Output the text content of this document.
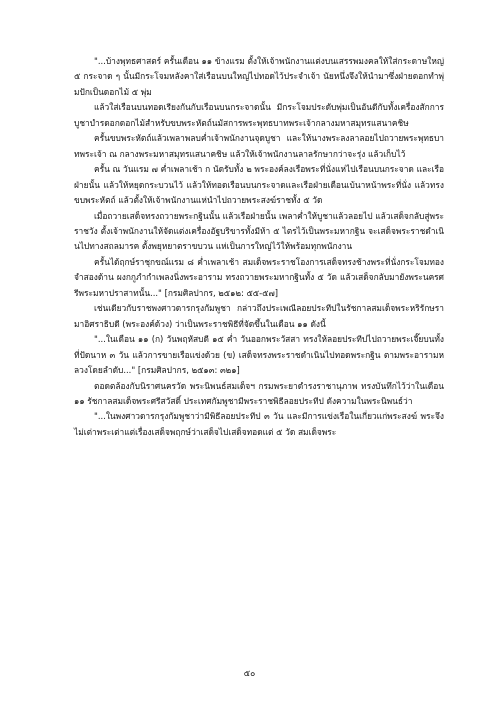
"...บ้างพุทธศาสตร์ ครั้นเดือน ๑๑ ข้างแรม ตั้งให้เจ้าพนักงานแต่งบนเสรรพมงคลให้ใส่กระดาษใหญ่ ๕ กระจาด ๆ นั้นมีกระโจมหลังคาใส่เรือนบนใหญ่ไปทอดไว้ประจำเจ้า นัยหนึ่งจึงให้นำมาซึ่งฝ่ายดอกทำพุ่มปักเป็นดอกไม้ ๕ พุ่ม

แล้วใส่เรือนบนทอดเรียงกันกับเรือนบนกระจาดนั้น มีกระโจมประดับพุ่มเป็นอันดีกับทั้งเครื่องสักการบูชาบำรดอกดอกไม้สำหรับขบพระหัตถ์นมัสการพระพุทธบาทพระเจ้ากลางมหาสมุทรแสนาคชิษ

ครั้นขบพระหัตถ์แล้วเพลาพลบค่ำเจ้าพนักงานจุดบูชา และให้นางพระลงลาลอยไปถวายพระพุทธบาทพระเจ้า ณ กลางพระมหาสมุทรแสนาคชิษ แล้วให้เจ้าพนักงานลาลรักษากว่าจะรุ่ง แล้วเก็บไว้

ครั้น ณ วันแรม ๗ ค่ำเพลาเช้า ก นัดรับทั้ง ๒ พระองค์ลงเรือพระที่นั่งแห่ไปเรือนบนกระจาด และเรือฝ่ายนั้น แล้วให้หยุดกระบวนไว้ แล้วให้ทอดเรือนบนกระจาดและเรือฝ่ายเดือนเบ้นาหน้าพระที่นั่ง แล้วทรงขบพระหัตถ์ แล้วตั้งให้เจ้าพนักงานแห่นำไปถวายพระสงฆ์ราชทั้ง ๕ วัด

เมื่อถวายเสด็จทรงถวายพระกฐินนั้น แล้วเรือฝ่ายนั้น เพลาค่ำให้บูชาแล้วลอยไป แล้วเสด็จกลับสู่พระราชวัง ตั้งเจ้าพนักงานให้จัดแต่งเครื่องอัฐบริขารทั้งมีห้า ๕ ไตรไว้เป็นพระมหากฐิน จะเสด็จพระราชดำเนินไปทางสถลมารค ตั้งพยุหยาตราขบวน แห่เป็นการใหญ่ไว้ให้พร้อมทุกพนักงาน

ครั้นได้ฤกษ์ราชุกขณ์แรม ๘ ค่ำเพลาเช้า สมเด็จพระราชโองการเสด็จทรงช้างพระที่นั่งกระโจมทองจำสองด้าน ผงกกูภำกำเพลงนิ่งพระอาราม ทรงถวายพระมหากฐินทั้ง ๕ วัด แล้วเสด็จกลับมายังพระนครศรีพระมหาปราสาทนั้น..." [กรมศิลปากร, ๒๕๑๒: ๕๕-๕๗]

เช่นเดียวกับราชพงศาวดารกรุงกัมพูชา กล่าวถึงประเพณีลอยประทีปในรัชกาลสมเด็จพระหริรักษรามาอิศราธิบดี (พระองค์ด้วง) ว่าเป็นพระราชพิธีที่จัดขึ้นในเดือน ๑๑ ดังนี้

"...ในเดือน ๑๑ (ก) วันพฤหัสบดี ๑๕ ค่ำ วันออกพระวัสสา ทรงให้ลอยประทีปไปถวายพระเจี๊ยบนทั้งที่ปัดนาห ๓ วัน แล้วการขายเรือแข่งด้วย (ข) เสด็จทรงพระราชดำเนินไปทอดพระกฐิน ตามพระอารามหลวงโดยลำดับ..." [กรมศิลปากร, ๒๕๑๓: ๓๒๑]

ตอดตล้องกับนิราศนครวัด พระนิพนธ์สมเด็จฯ กรมพระยาดำรงราชานุภาพ ทรงบันทึกไว้ว่าในเดือน ๑๑ รัชกาลสมเด็จพระศรีสวัสดิ์ ประเทศกัมพูชามีพระราชพิธีลอยประทีป ดังความในพระนิพนธ์ว่า

"...ในพงศาวดารกรุงกัมพูชาว่ามีพิธีลอยประทีป ๓ วัน และมีการแข่งเรือในเกี่ยวแก่พระสงฆ์ พระจึงไม่เต่าพระเต่าแต่เรื่องเสด็จพฤกษ์ว่าเสด็จไปเสด็จทอดแต่ ๕ วัด สมเด็จพระ

๕๐
